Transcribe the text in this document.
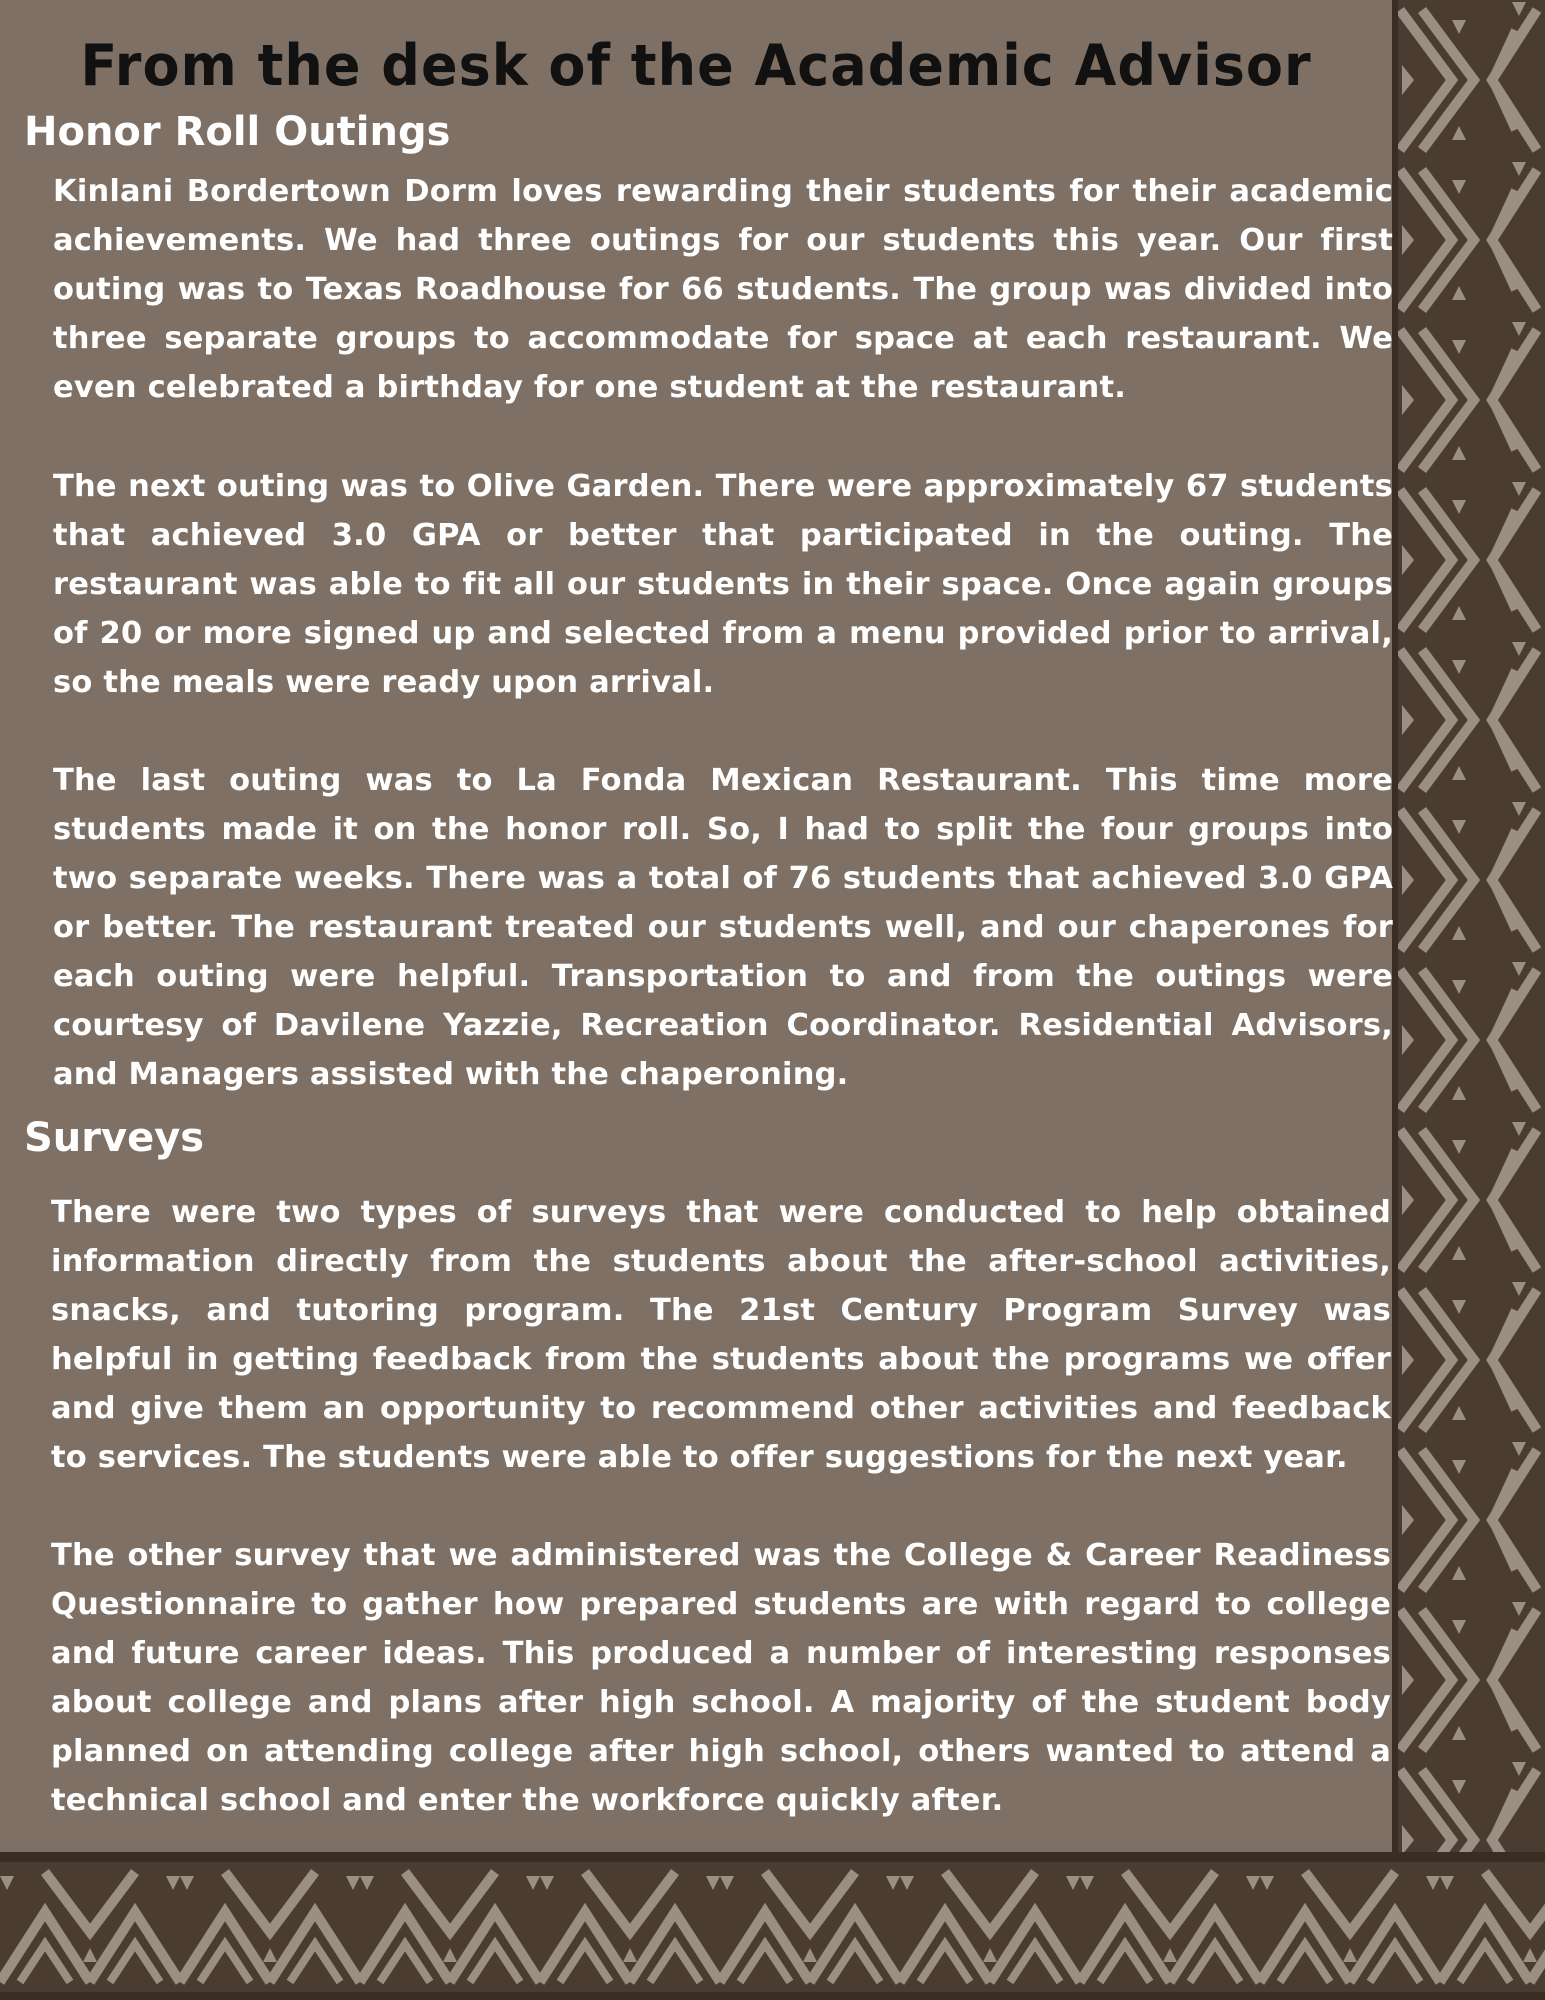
From the desk of the Academic Advisor
Honor Roll Outings

Kinlani Bordertown Dorm loves rewarding their students for their academic achievements. We had three outings for our students this year. Our first outing was to Texas Roadhouse for 66 students. The group was divided into three separate groups to accommodate for space at each restaurant. We even celebrated a birthday for one student at the restaurant.

The next outing was to Olive Garden. There were approximately 67 students that achieved 3.0 GPA or better that participated in the outing. The restaurant was able to fit all our students in their space. Once again groups of 20 or more signed up and selected from a menu provided prior to arrival, so the meals were ready upon arrival.

The last outing was to La Fonda Mexican Restaurant. This time more students made it on the honor roll. So, I had to split the four groups into two separate weeks. There was a total of 76 students that achieved 3.0 GPA or better. The restaurant treated our students well, and our chaperones for each outing were helpful. Transportation to and from the outings were courtesy of Davilene Yazzie, Recreation Coordinator. Residential Advisors, and Managers assisted with the chaperoning.

Surveys

There were two types of surveys that were conducted to help obtained information directly from the students about the after-school activities, snacks, and tutoring program. The 21st Century Program Survey was helpful in getting feedback from the students about the programs we offer and give them an opportunity to recommend other activities and feedback to services. The students were able to offer suggestions for the next year.

The other survey that we administered was the College & Career Readiness Questionnaire to gather how prepared students are with regard to college and future career ideas. This produced a number of interesting responses about college and plans after high school. A majority of the student body planned on attending college after high school, others wanted to attend a technical school and enter the workforce quickly after.
